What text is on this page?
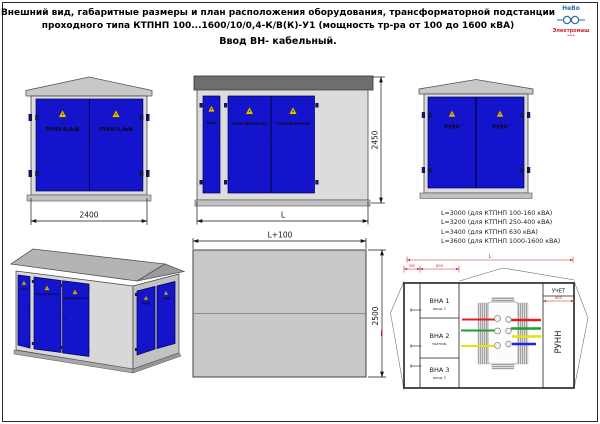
Внешний вид, габаритные размеры и план расположения оборудования, трансформаторной подстанции
проходного типа КТПНП 100...1600/10/0,4-К/В(К)-У1 (мощность тр-ра от 100 до 1600 кВА)
Ввод ВН- кабельный.
НеВо
Электромаш
www
L=3000 (для КТПНП 100-160 кВА)
L=3200 (для КТПНП 250-400 кВА)
L=3400 (для КТПНП 630 кВА)
L=3600 (для КТПНП 1000-1600 кВА)
РУНН 0,4кВ	РУНН 0,4кВ
2400
Учет	Трансформатор Трансформатор
2450
L
РУВН	РУВН
Учет
Трансформатор
Трансформатор
РУВН
РУВН
L+100
2500
L
300	800
ВНА 1
ввод 1
ВНА 2
трансф.
ВНА 3
ввод 2
УЧЕТ
600
РУНН
